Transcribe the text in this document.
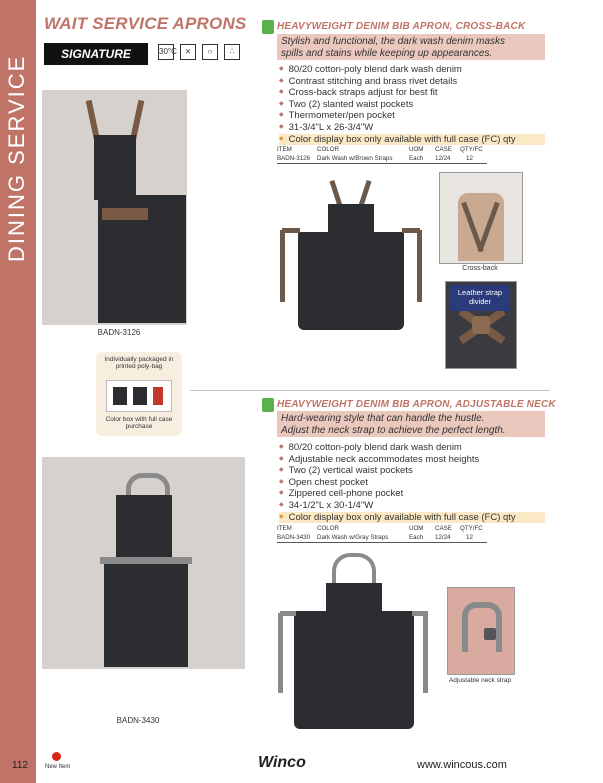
DINING SERVICE
WAIT SERVICE APRONS
SIGNATURE CHEF
30°C ⨯	○	∴
BADN-3126
Individually packaged in printed poly-bag
Color box with full case purchase
HEAVYWEIGHT DENIM BIB APRON, CROSS-BACK
Stylish and functional, the dark wash denim masks
spills and stains while keeping up appearances.
◆ 80/20 cotton-poly blend dark wash denim
◆ Contrast stitching and brass rivet details
◆ Cross-back straps adjust for best fit
◆ Two (2) slanted waist pockets
◆ Thermometer/pen pocket
◆ 31-3/4"L x 26-3/4"W
◆ Color display box only available with full case (FC) qty
ITEM	COLOR	UOM CASE QTY/FC
BADN-3126 Dark Wash w/Brown Straps	Each 12/24	12
Cross-back
Leather strap divider
BADN-3430
HEAVYWEIGHT DENIM BIB APRON, ADJUSTABLE NECK
Hard-wearing style that can handle the hustle.
Adjust the neck strap to achieve the perfect length.
◆ 80/20 cotton-poly blend dark wash denim
◆ Adjustable neck accommodates most heights
◆ Two (2) vertical waist pockets
◆ Open chest pocket
◆ Zippered cell-phone pocket
◆ 34-1/2"L x 30-1/4"W
◆ Color display box only available with full case (FC) qty
ITEM	COLOR	UOM CASE QTY/FC
BADN-3430 Dark Wash w/Gray Straps	Each 12/24	12
Adjustable neck strap
112	New Item	Winco	www.wincous.com
